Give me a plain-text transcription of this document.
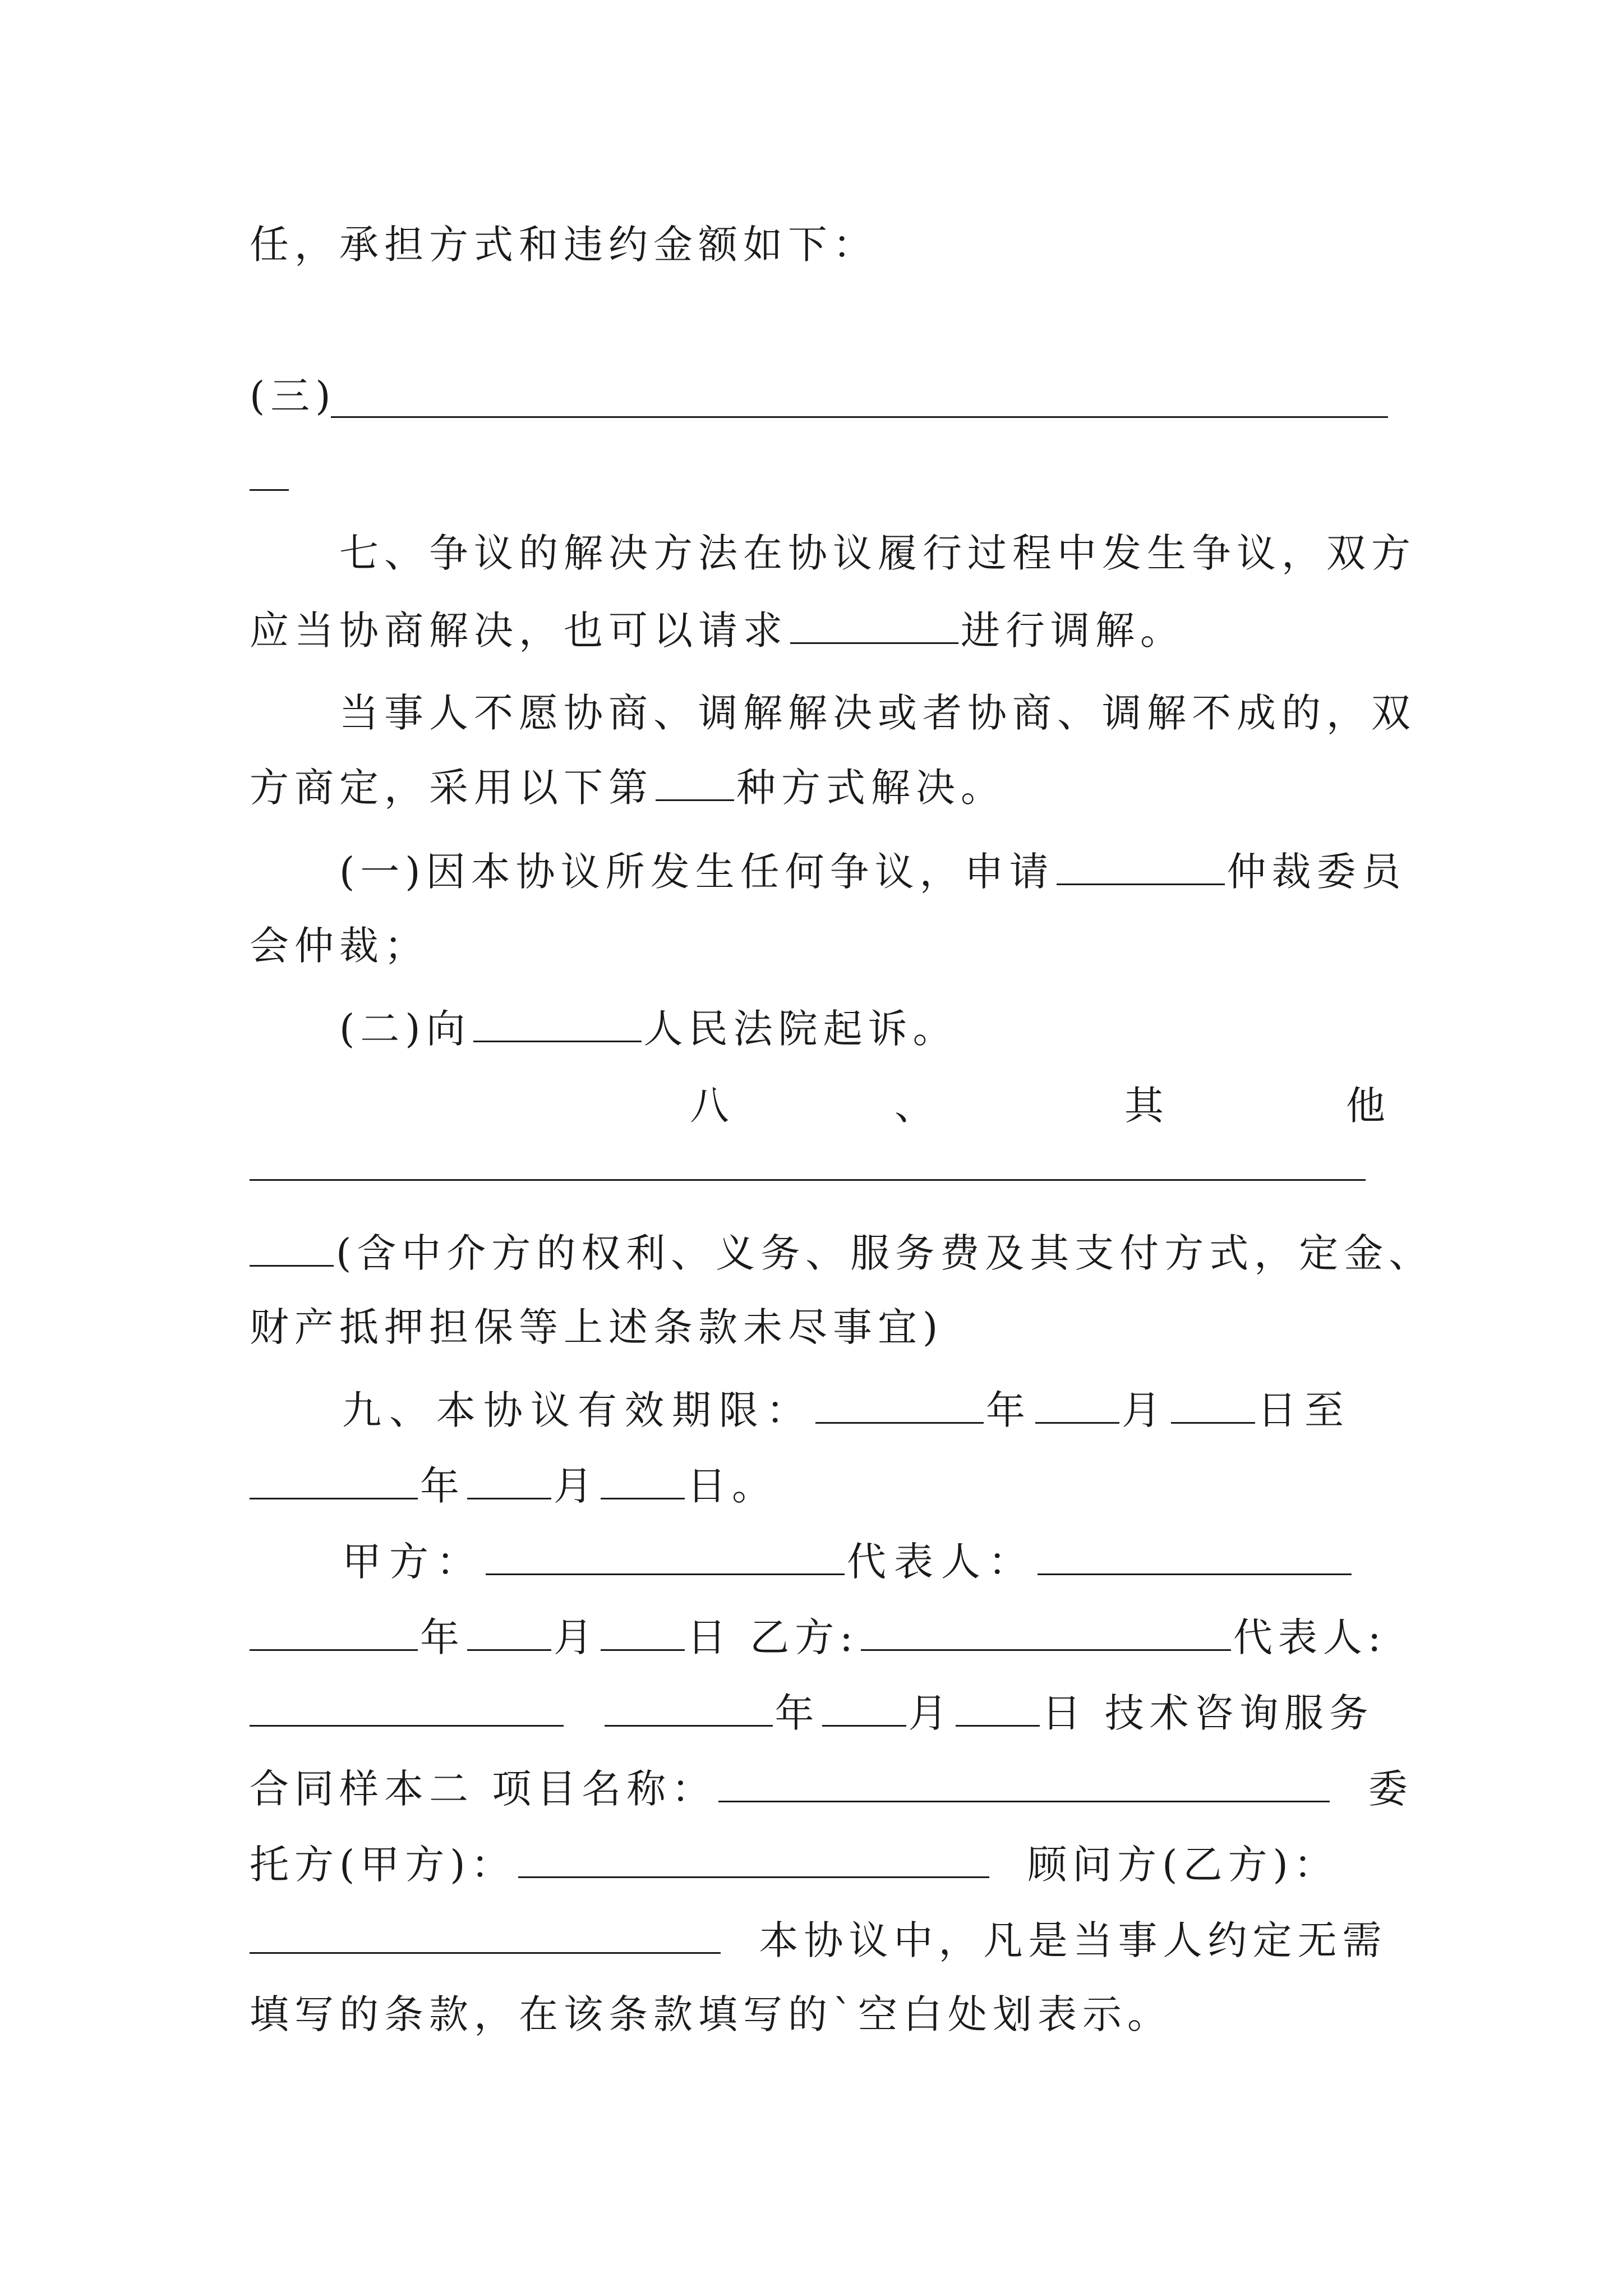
任，承担方式和违约金额如下：
(三)
七、争议的解决方法在协议履行过程中发生争议，双方
应当协商解决，也可以请求	进行调解。
当事人不愿协商、调解解决或者协商、调解不成的，双
方商定，采用以下第 种方式解决。
(一)因本协议所发生任何争议，申请	仲裁委员
会仲裁；
(二)向	人民法院起诉。
八	、	其	他
(含中介方的权利、义务、服务费及其支付方式，定金、
财产抵押担保等上述条款未尽事宜)
九、本协议有效期限：	年 月 日至
年 月 日。
甲方：	代表人：
年 月 日 乙方:	代表人:
年 月 日 技术咨询服务
合同样本二 项目名称：	委
托方(甲方)：	顾问方(乙方)：
本协议中，凡是当事人约定无需
填写的条款，在该条款填写的`空白处划表示。
